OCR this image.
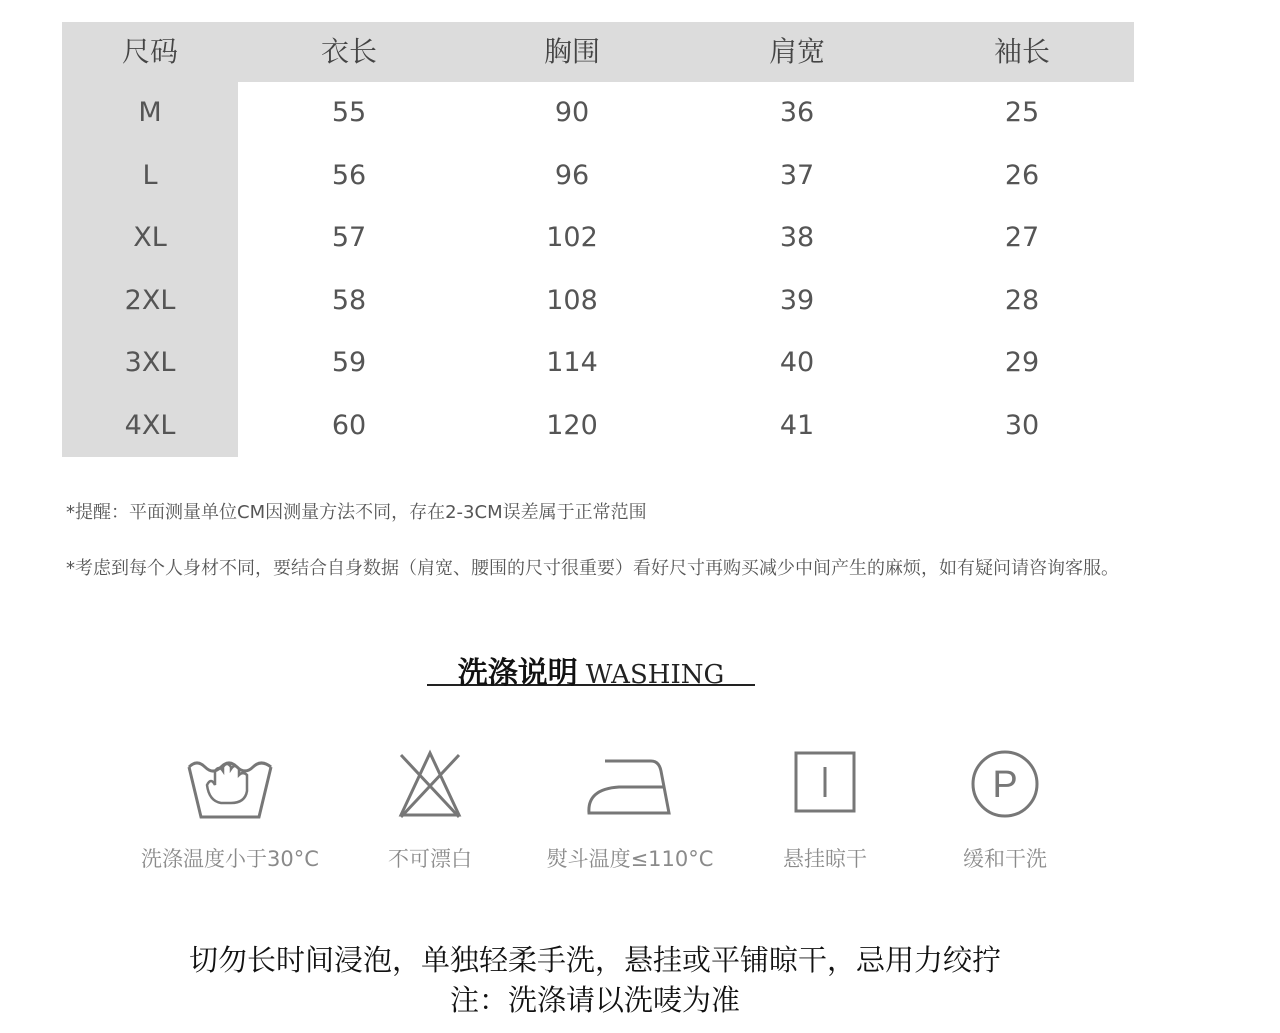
尺码	衣长	胸围	肩宽	袖长
M	55	90	36	25
L	56	96	37	26
XL	57	102	38	27
2XL	58	108	39	28
3XL	59	114	40	29
4XL	60	120	41	30
*提醒：平面测量单位CM因测量方法不同，存在2-3CM误差属于正常范围
*考虑到每个人身材不同，要结合自身数据（肩宽、腰围的尺寸很重要）看好尺寸再购买减少中间产生的麻烦，如有疑问请咨询客服。
洗涤说明 WASHING
洗涤温度小于30°C	不可漂白	熨斗温度≤110°C	悬挂晾干
P
缓和干洗
切勿长时间浸泡，单独轻柔手洗，悬挂或平铺晾干，忌用力绞拧
注：洗涤请以洗唛为准
